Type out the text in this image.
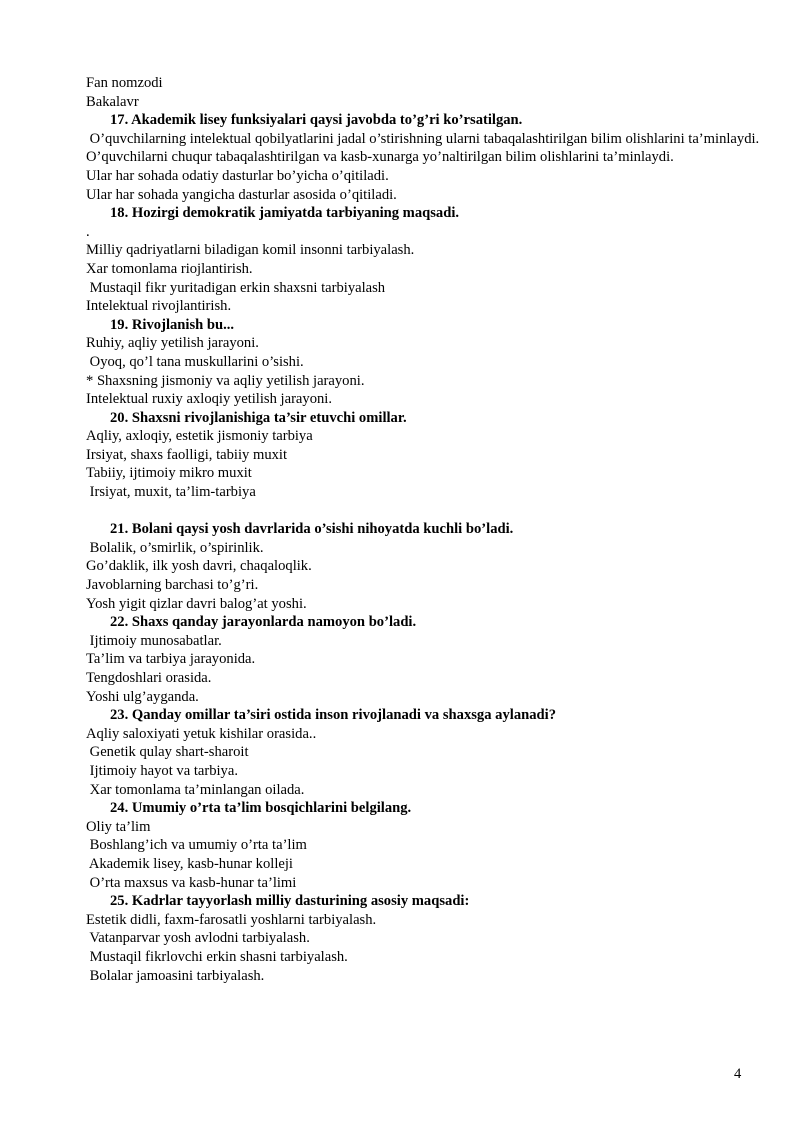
Fan nomzodi
Bakalavr
17. Akademik lisey funksiyalari qaysi javobda to’g’ri ko’rsatilgan.
O’quvchilarning intelektual qobilyatlarini jadal o’stirishning ularni tabaqalashtirilgan bilim olishlarini ta’minlaydi.
O’quvchilarni chuqur tabaqalashtirilgan va kasb-xunarga yo’naltirilgan bilim olishlarini ta’minlaydi.
Ular har sohada odatiy dasturlar bo’yicha o’qitiladi.
Ular har sohada yangicha dasturlar asosida o’qitiladi.
18. Hozirgi demokratik jamiyatda tarbiyaning maqsadi.
.
Milliy qadriyatlarni biladigan komil insonni tarbiyalash.
Xar tomonlama riojlantirish.
Mustaqil fikr yuritadigan erkin shaxsni tarbiyalash
Intelektual rivojlantirish.
19. Rivojlanish bu...
Ruhiy, aqliy yetilish jarayoni.
Oyoq, qo’l tana muskullarini o’sishi.
* Shaxsning jismoniy va aqliy yetilish jarayoni.
Intelektual ruxiy axloqiy yetilish jarayoni.
20. Shaxsni rivojlanishiga ta’sir etuvchi omillar.
Aqliy, axloqiy, estetik jismoniy tarbiya
Irsiyat, shaxs faolligi, tabiiy muxit
Tabiiy, ijtimoiy mikro muxit
Irsiyat, muxit, ta’lim-tarbiya
21. Bolani qaysi yosh davrlarida o’sishi nihoyatda kuchli bo’ladi.
Bolalik, o’smirlik, o’spirinlik.
Go’daklik, ilk yosh davri, chaqaloqlik.
Javoblarning barchasi to’g’ri.
Yosh yigit qizlar davri balog’at yoshi.
22. Shaxs qanday jarayonlarda namoyon bo’ladi.
Ijtimoiy munosabatlar.
Ta’lim va tarbiya jarayonida.
Tengdoshlari orasida.
Yoshi ulg’ayganda.
23. Qanday omillar ta’siri ostida inson rivojlanadi va shaxsga aylanadi?
Aqliy saloxiyati yetuk kishilar orasida..
Genetik qulay shart-sharoit
Ijtimoiy hayot va tarbiya.
Xar tomonlama ta’minlangan oilada.
24. Umumiy o’rta ta’lim bosqichlarini belgilang.
Oliy ta’lim
Boshlang’ich va umumiy o’rta ta’lim
Akademik lisey, kasb-hunar kolleji
O’rta maxsus va kasb-hunar ta’limi
25. Kadrlar tayyorlash milliy dasturining asosiy maqsadi:
Estetik didli, faxm-farosatli yoshlarni tarbiyalash.
Vatanparvar yosh avlodni tarbiyalash.
Mustaqil fikrlovchi erkin shasni tarbiyalash.
Bolalar jamoasini tarbiyalash.
4
